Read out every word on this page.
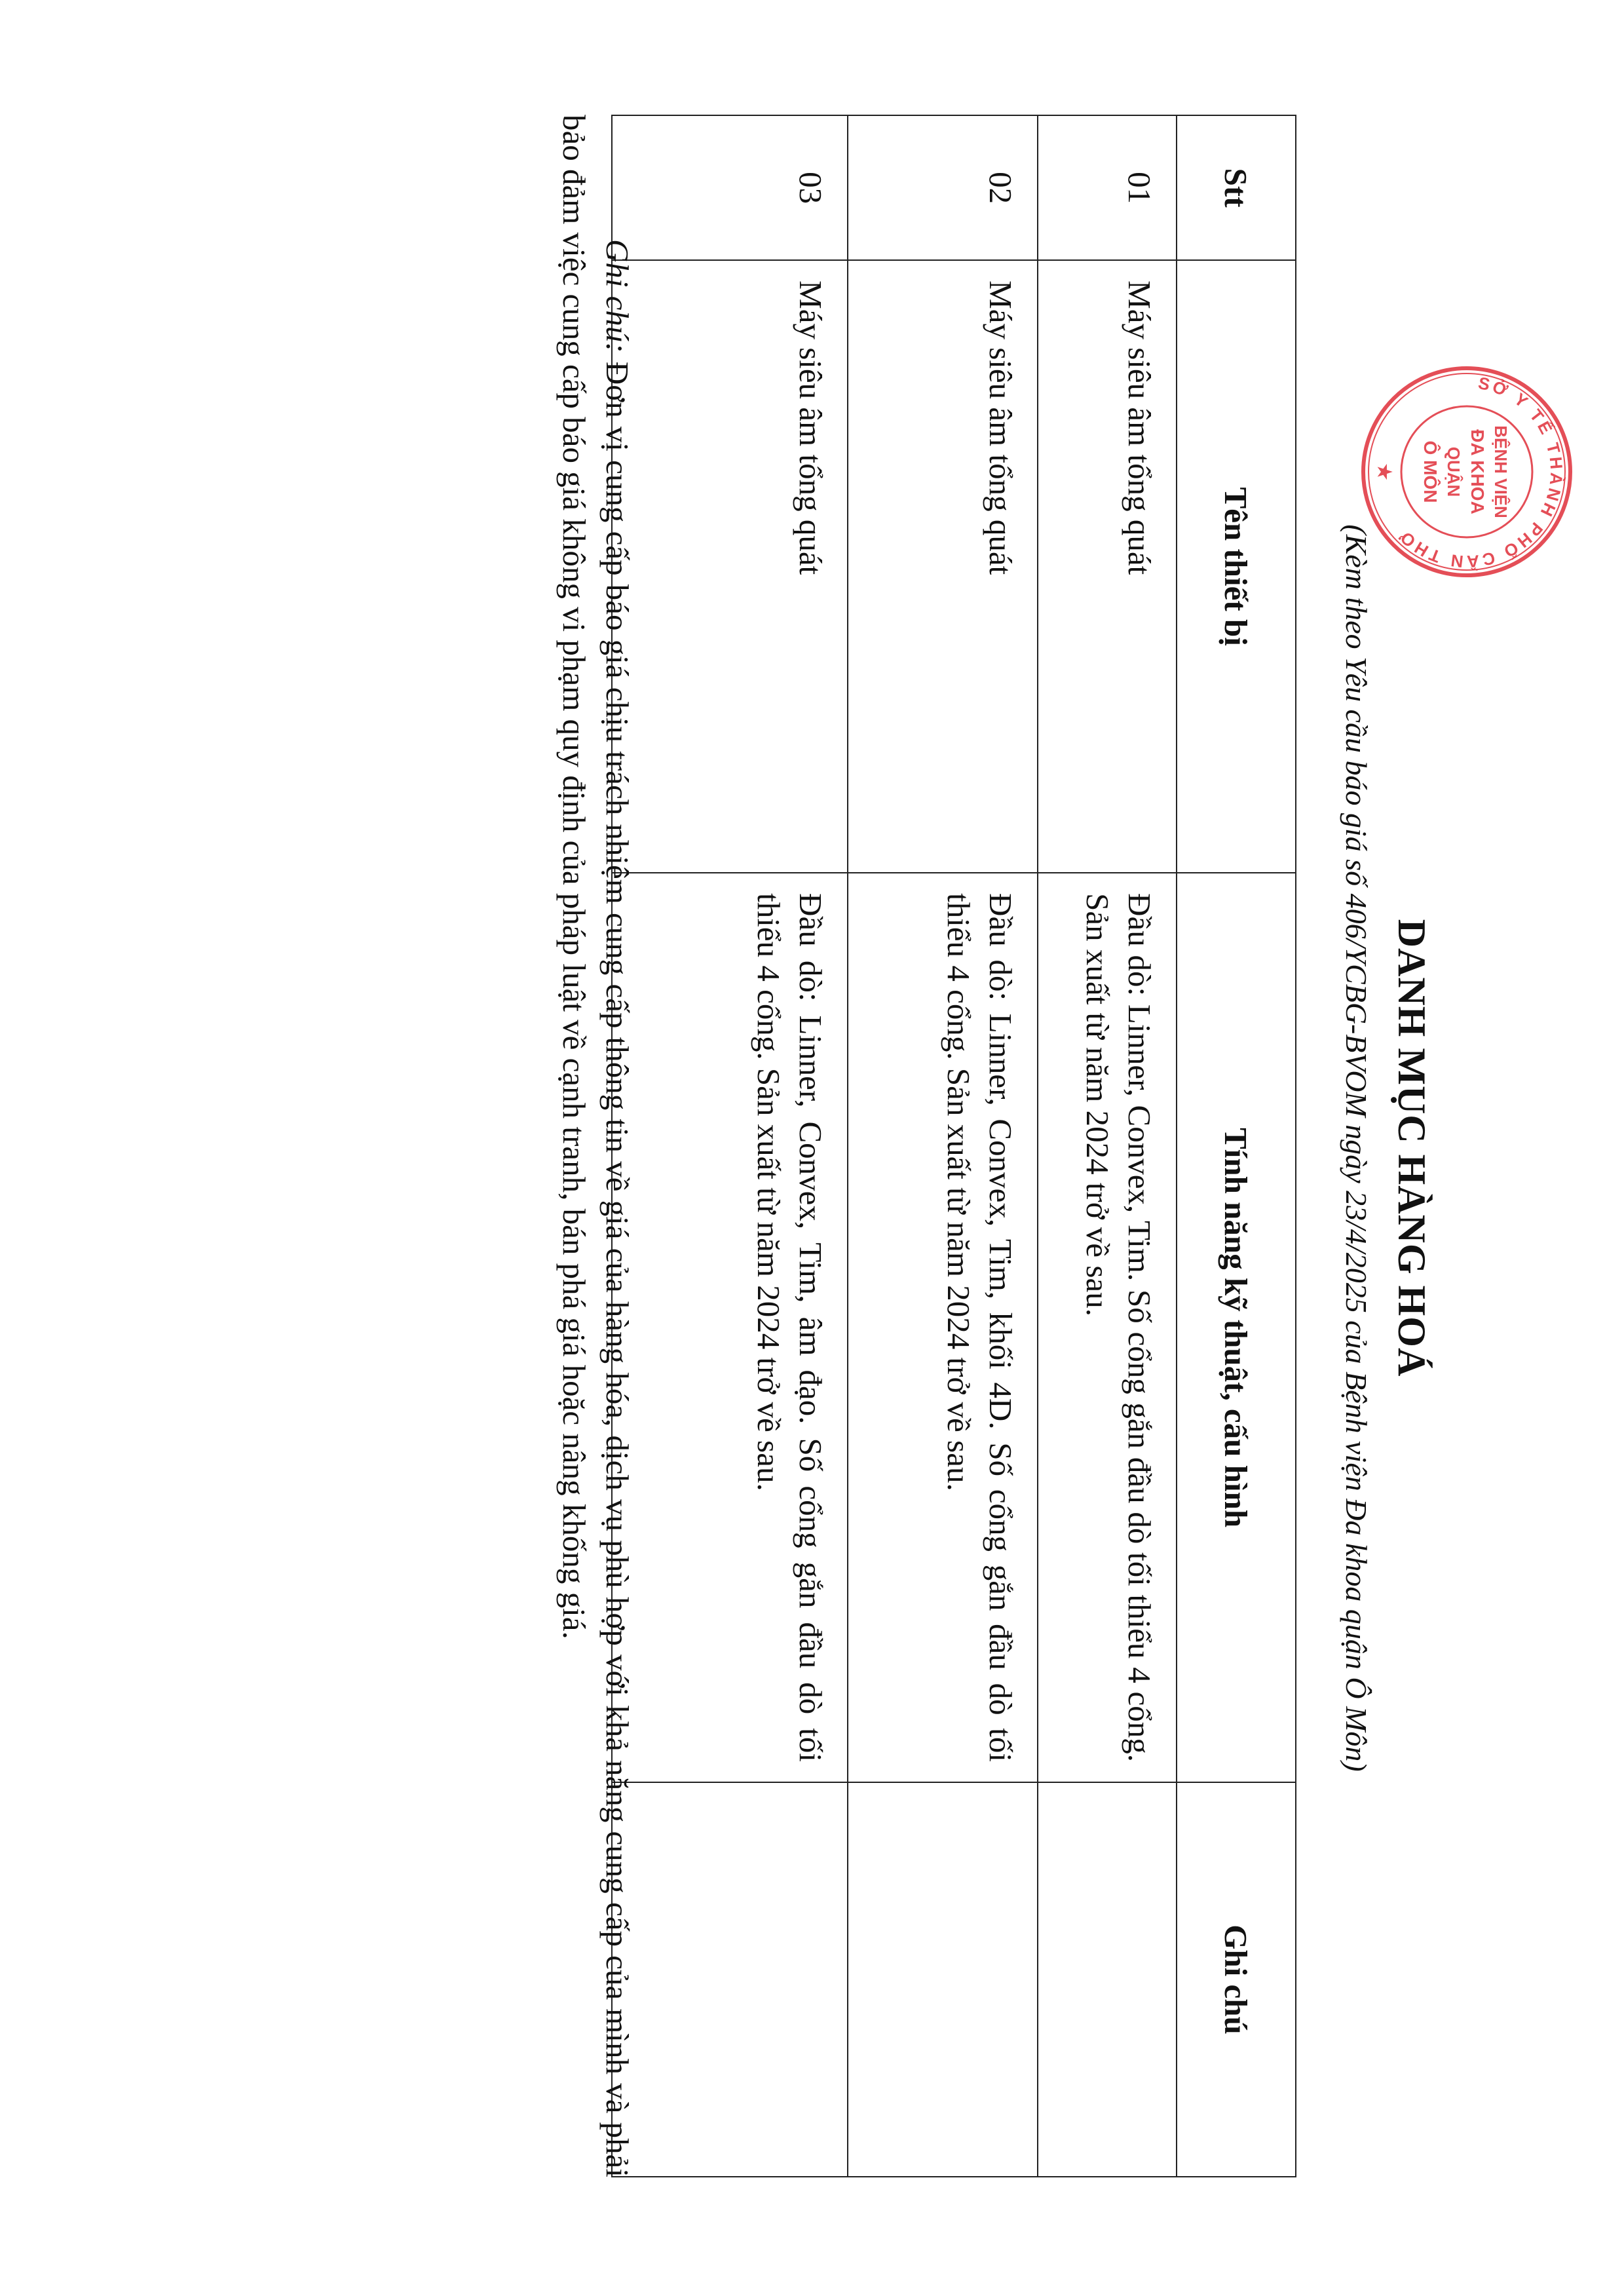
DANH MỤC HÀNG HOÁ
(Kèm theo Yêu cầu báo giá số 406/YCBG-BVOM ngày 23/4/2025 của Bệnh viện Đa khoa quận Ô Môn)
SỞ Y TẾ THÀNH PHỐ CẦN THƠ
BỆNH VIỆN
ĐA KHOA
QUẬN
Ô MÔN
★
Stt	Tên thiết bị	Tính năng kỹ thuật, cấu hình	Ghi chú
01	Máy siêu âm tổng quát	Đầu dò: Linner, Convex, Tim. Số cổng gắn đầu dò tối thiểu 4 cổng. Sản xuất từ năm 2024 trở về sau.	
02	Máy siêu âm tổng quát	Đầu dò: Linner, Convex, Tim, khối 4D. Số cổng gắn đầu dò tối thiểu 4 cổng. Sản xuất từ năm 2024 trở về sau.	
03	Máy siêu âm tổng quát	Đầu dò: Linner, Convex, Tim, âm đạo. Số cổng gắn đầu dò tối thiểu 4 cổng. Sản xuất từ năm 2024 trở về sau.	

Ghi chú: Đơn vị cung cấp báo giá chịu trách nhiệm cung cấp thông tin về giá của hàng hóa, dịch vụ phù hợp với khả năng cung cấp của mình và phải bảo đảm việc cung cấp báo giá không vi phạm quy định của pháp luật về cạnh tranh, bán phá giá hoặc nâng khống giá.
